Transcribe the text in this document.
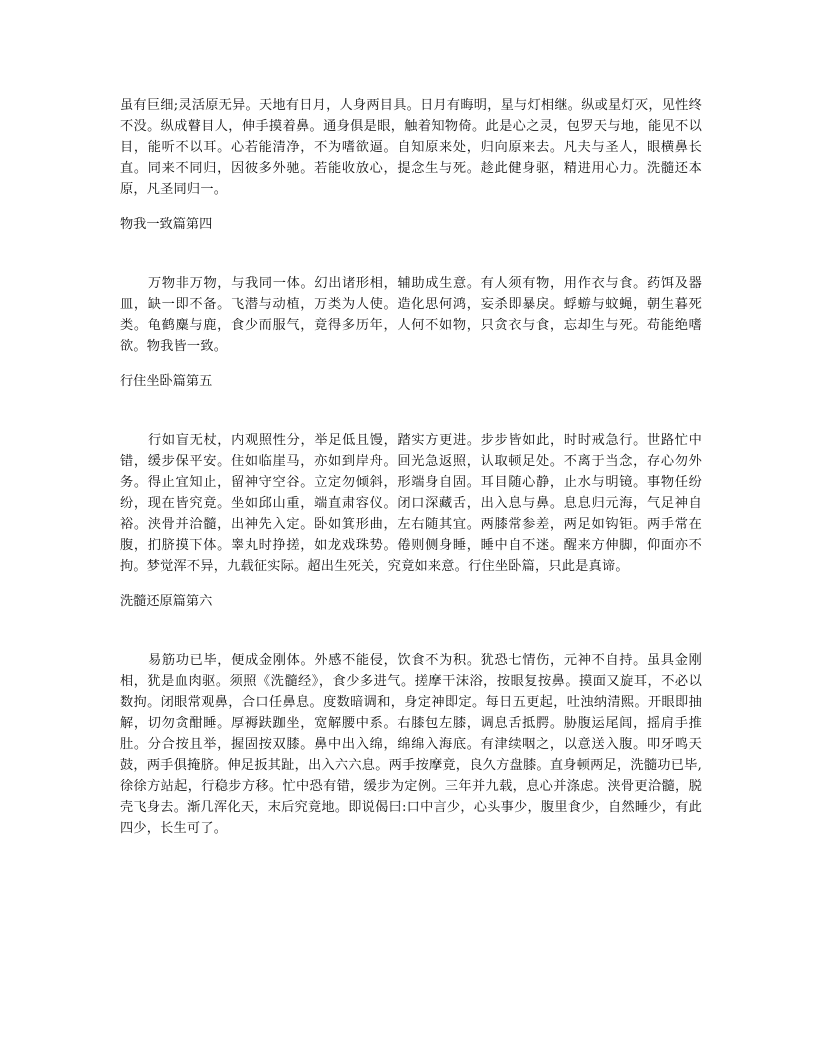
虽有巨细;灵活原无异。天地有日月，人身两目具。日月有晦明，星与灯相继。纵或星灯灭，见性终不没。纵成瞽目人，伸手摸着鼻。通身俱是眼，触着知物倚。此是心之灵，包罗天与地，能见不以目，能听不以耳。心若能清净，不为嗜欲逼。自知原来处，归向原来去。凡夫与圣人，眼横鼻长直。同来不同归，因彼多外驰。若能收放心，提念生与死。趁此健身驱，精进用心力。洗髓还本原，凡圣同归一。

物我一致篇第四

万物非万物，与我同一体。幻出诸形相，辅助成生意。有人须有物，用作衣与食。药饵及器皿，缺一即不备。飞潜与动植，万类为人使。造化思何鸿，妄杀即暴戾。蜉蝣与蚊蝇，朝生暮死类。龟鹤麋与鹿，食少而服气，竟得多历年，人何不如物，只贪衣与食，忘却生与死。苟能绝嗜欲。物我皆一致。

行住坐卧篇第五

行如盲无杖，内观照性分，举足低且馒，踏实方更进。步步皆如此，时时戒急行。世路忙中错，缓步保平安。住如临崖马，亦如到岸舟。回光急返照，认取顿足处。不离于当念，存心勿外务。得止宜知止，留神守空谷。立定勿倾斜，形端身自固。耳目随心静，止水与明镜。事物任纷纷，现在皆究竟。坐如邱山重，端直肃容仪。闭口深藏舌，出入息与鼻。息息归元海，气足神自裕。浃骨并洽髓，出神先入定。卧如箕形曲，左右随其宜。两膝常参差，两足如钩钜。两手常在腹，扪脐摸下体。睾丸时挣搓，如龙戏珠势。倦则侧身睡，睡中自不迷。醒来方伸脚，仰面亦不拘。梦觉浑不异，九载征实际。超出生死关，究竟如来意。行住坐卧篇，只此是真谛。

洗髓还原篇第六

易筋功已毕，便成金刚体。外感不能侵，饮食不为积。犹恐七情伤，元神不自持。虽具金刚相，犹是血肉驱。须照《洗髓经》，食少多进气。搓摩干沫浴，按眼复按鼻。摸面又旋耳，不必以数拘。闭眼常观鼻，合口任鼻息。度数暗调和，身定神即定。每日五更起，吐浊纳清熙。开眼即抽解，切勿贪酣睡。厚褥趺跏坐，宽解腰中系。右膝包左膝，调息舌抵腭。胁腹运尾闾，摇肩手推肚。分合按且举，握固按双膝。鼻中出入绵，绵绵入海底。有津续咽之，以意送入腹。叩牙鸣天鼓，两手俱掩脐。伸足扳其趾，出入六六息。两手按摩竟，良久方盘膝。直身顿两足，洗髓功已毕,徐徐方站起，行稳步方移。忙中恐有错，缓步为定例。三年并九载，息心并涤虑。浃骨更洽髓，脱壳飞身去。渐几浑化天，末后究竟地。即说偈曰:口中言少，心头事少，腹里食少，自然睡少，有此四少，长生可了。
